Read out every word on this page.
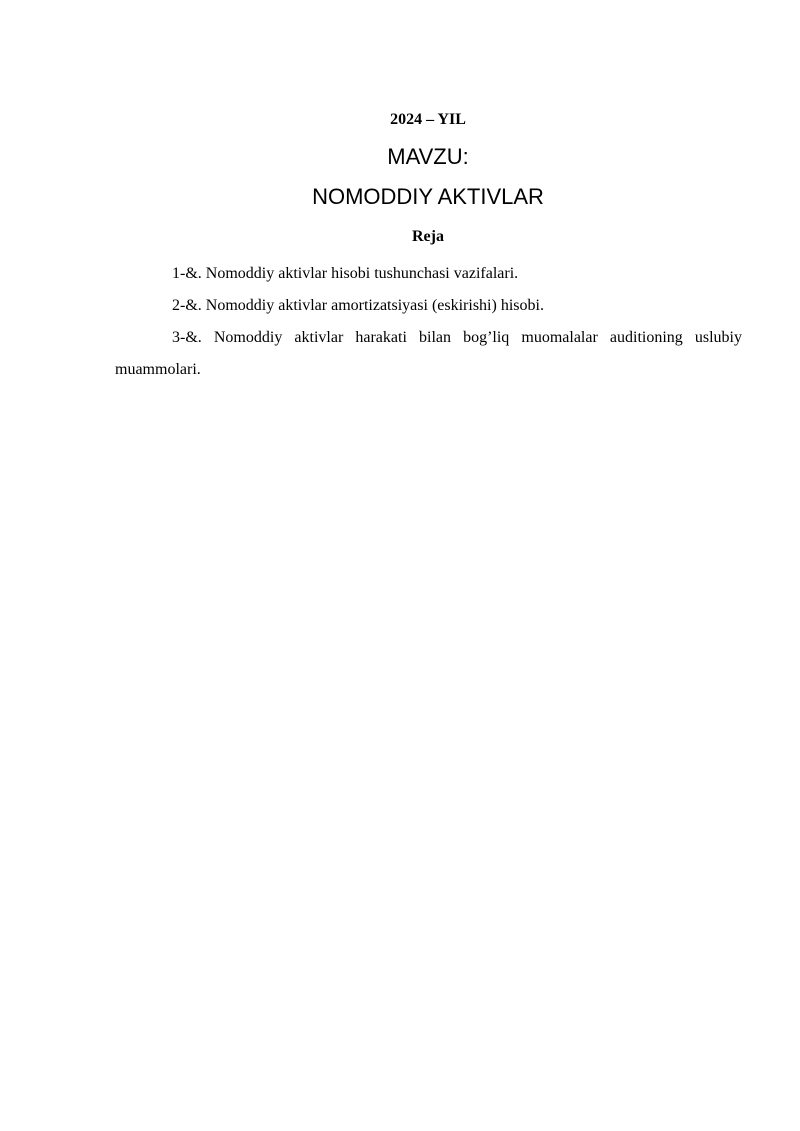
2024 – YIL
MAVZU:
NOMODDIY AKTIVLAR
Reja
1-&. Nomoddiy aktivlar hisobi tushunchasi vazifalari.
2-&. Nomoddiy aktivlar amortizatsiyasi (eskirishi) hisobi.
3-&. Nomoddiy aktivlar harakati bilan bog’liq muomalalar auditioning uslubiy muammolari.
